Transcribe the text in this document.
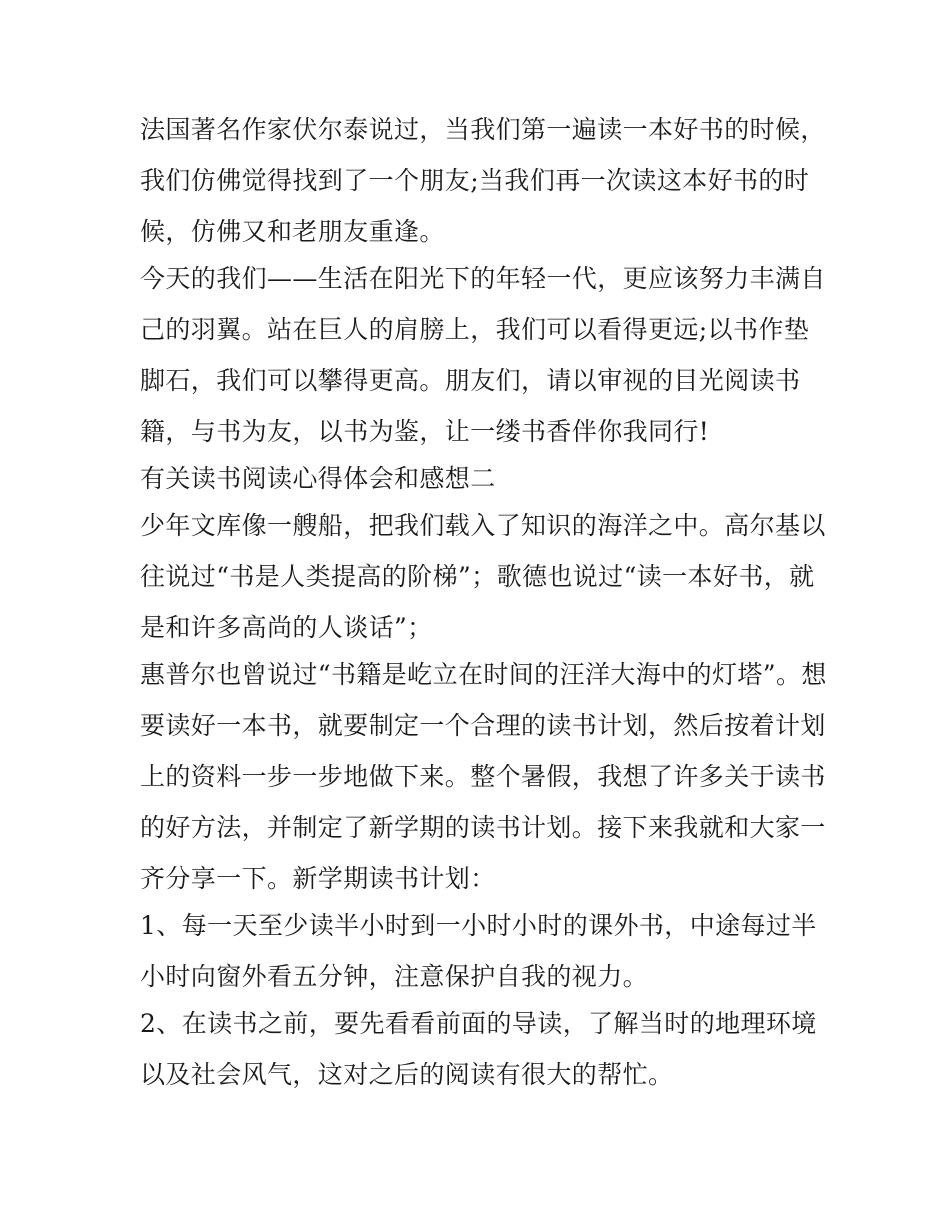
法国著名作家伏尔泰说过，当我们第一遍读一本好书的时候，
我们仿佛觉得找到了一个朋友;当我们再一次读这本好书的时
候，仿佛又和老朋友重逢。
今天的我们——生活在阳光下的年轻一代，更应该努力丰满自
己的羽翼。站在巨人的肩膀上，我们可以看得更远;以书作垫
脚石，我们可以攀得更高。朋友们，请以审视的目光阅读书
籍，与书为友，以书为鉴，让一缕书香伴你我同行!
有关读书阅读心得体会和感想二
少年文库像一艘船，把我们载入了知识的海洋之中。高尔基以
往说过“书是人类提高的阶梯”；歌德也说过“读一本好书，就
是和许多高尚的人谈话”；
惠普尔也曾说过“书籍是屹立在时间的汪洋大海中的灯塔”。想
要读好一本书，就要制定一个合理的读书计划，然后按着计划
上的资料一步一步地做下来。整个暑假，我想了许多关于读书
的好方法，并制定了新学期的读书计划。接下来我就和大家一
齐分享一下。新学期读书计划：
1、每一天至少读半小时到一小时小时的课外书，中途每过半
小时向窗外看五分钟，注意保护自我的视力。
2、在读书之前，要先看看前面的导读，了解当时的地理环境
以及社会风气，这对之后的阅读有很大的帮忙。
